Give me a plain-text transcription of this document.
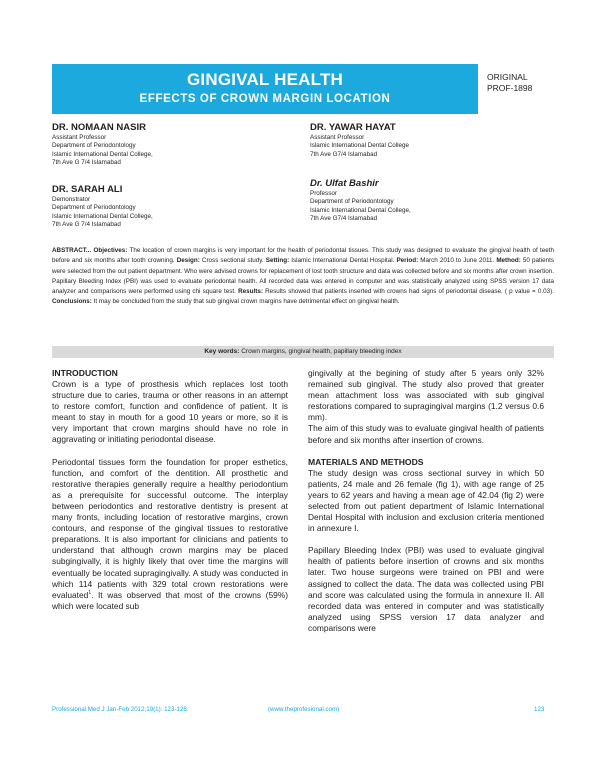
GINGIVAL HEALTH
EFFECTS OF CROWN MARGIN LOCATION
ORIGINAL
PROF-1898
DR. NOMAAN NASIR
Assistant Professor
Department of Periodontology
Islamic International Dental College,
7th Ave G 7/4 Islamabad
DR. SARAH ALI
Demonstrator
Department of Periodontology
Islamic International Dental College,
7th Ave G 7/4 Islamabad
DR. YAWAR HAYAT
Assistant Professor
Islamic International Dental College
7th Ave G7/4 Islamabad
Dr. Ulfat Bashir
Professor
Department of Periodontology
Islamic International Dental College,
7th Ave G7/4 Islamabad
ABSTRACT... Objectives: The location of crown margins is very important for the health of periodontal tissues. This study was designed to evaluate the gingival health of teeth before and six months after tooth crowning. Design: Cross sectional study. Setting: Islamic International Dental Hospital. Period: March 2010 to June 2011. Method: 50 patients were selected from the out patient department. Who were advised crowns for replacement of lost tooth structure and data was collected before and six months after crown insertion. Papillary Bleeding Index (PBI) was used to evaluate periodontal health. All recorded data was entered in computer and was statistically analyzed using SPSS version 17 data analyzer and comparisons were performed using chi square test. Results: Results showed that patients inserted with crowns had signs of periodontal disease. ( p value = 0.03). Conclusions: It may be concluded from the study that sub gingival crown margins have detrimental effect on gingival health.
Key words: Crown margins, gingival health, papillary bleeding index
INTRODUCTION

Crown is a type of prosthesis which replaces lost tooth structure due to caries, trauma or other reasons in an attempt to restore comfort, function and confidence of patient. It is meant to stay in mouth for a good 10 years or more, so it is very important that crown margins should have no role in aggravating or initiating periodontal disease.

Periodontal tissues form the foundation for proper esthetics, function, and comfort of the dentition. All prosthetic and restorative therapies generally require a healthy periodontium as a prerequisite for successful outcome. The interplay between periodontics and restorative dentistry is present at many fronts, including location of restorative margins, crown contours, and response of the gingival tissues to restorative preparations. It is also important for clinicians and patients to understand that although crown margins may be placed subgingivally, it is highly likely that over time the margins will eventually be located supragingivally. A study was conducted in which 114 patients with 329 total crown restorations were evaluated$^1$. It was observed that most of the crowns (59%) which were located sub

gingivally at the begining of study after 5 years only 32% remained sub gingival. The study also proved that greater mean attachment loss was associated with sub gingival restorations compared to supragingival margins (1.2 versus 0.6 mm).

The aim of this study was to evaluate gingival health of patients before and six months after insertion of crowns.

MATERIALS AND METHODS

The study design was cross sectional survey in which 50 patients, 24 male and 26 female (fig 1), with age range of 25 years to 62 years and having a mean age of 42.04 (fig 2) were selected from out patient department of Islamic International Dental Hospital with inclusion and exclusion criteria mentioned in annexure I.

Papillary Bleeding Index (PBI) was used to evaluate gingival health of patients before insertion of crowns and six months later. Two house surgeons were trained on PBI and were assigned to collect the data. The data was collected using PBI and score was calculated using the formula in annexure II. All recorded data was entered in computer and was statistically analyzed using SPSS version 17 data analyzer and comparisons were

Professional Med J Jan-Feb 2012;19(1): 123-128.	(www.theprofesional.com)	123
